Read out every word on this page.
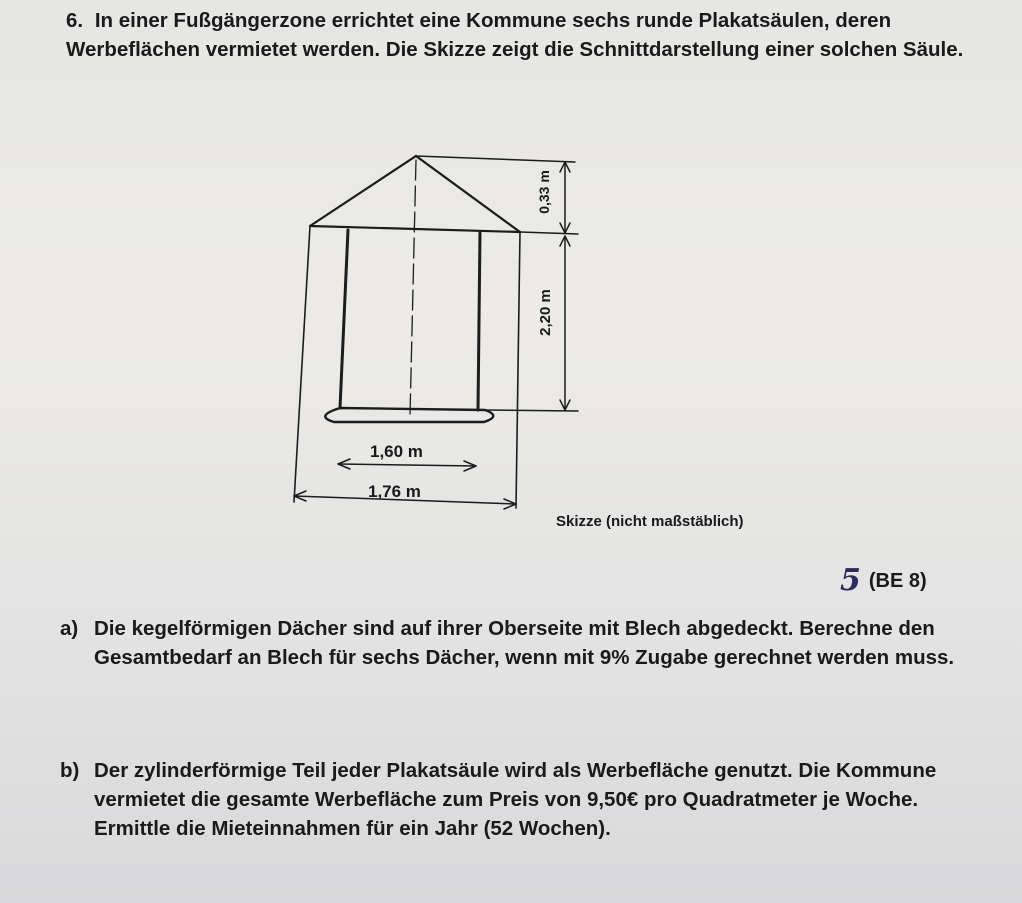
6. In einer Fußgängerzone errichtet eine Kommune sechs runde Plakatsäulen, deren Werbeflächen vermietet werden. Die Skizze zeigt die Schnittdarstellung einer solchen Säule.

0,33 m
2,20 m
1,60 m
1,76 m
Skizze (nicht maßstäblich)
5 (BE 8)
a) Die kegelförmigen Dächer sind auf ihrer Oberseite mit Blech abgedeckt. Berechne den Gesamtbedarf an Blech für sechs Dächer, wenn mit 9% Zugabe gerechnet werden muss.
b) Der zylinderförmige Teil jeder Plakatsäule wird als Werbefläche genutzt. Die Kommune vermietet die gesamte Werbefläche zum Preis von 9,50€ pro Quadratmeter je Woche.
Ermittle die Mieteinnahmen für ein Jahr (52 Wochen).
